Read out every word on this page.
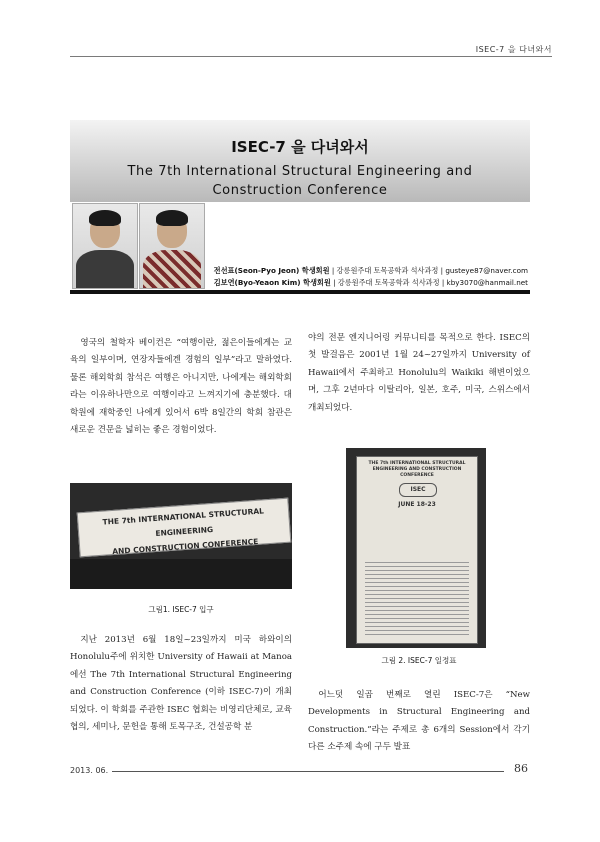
ISEC-7 을 다녀와서
ISEC-7 을 다녀와서
The 7th International Structural Engineering and
Construction Conference
전선표(Seon-Pyo Jeon) 학생회원 | 강릉원주대 토목공학과 석사과정 | gusteye87@naver.com
김보연(Byo-Yeaon Kim) 학생회원 | 강릉원주대 토목공학과 석사과정 | kby3070@hanmail.net
영국의 철학자 베이컨은 “여행이란, 젊은이들에게는 교육의 일부이며, 연장자들에겐 경험의 일부”라고 말하였다. 물론 해외학회 참석은 여행은 아니지만, 나에게는 해외학회라는 이유하나만으로 여행이라고 느껴지기에 충분했다. 대학원에 재학중인 나에게 있어서 6박 8일간의 학회 참관은 새로운 견문을 넓히는 좋은 경험이었다.
야의 전문 엔지니어링 커뮤니티를 목적으로 한다. ISEC의 첫 발걸음은 2001년 1월 24~27일까지 University of Hawaii에서 주최하고 Honolulu의 Waikiki 해변이었으며, 그후 2년마다 이탈리아, 일본, 호주, 미국, 스위스에서 개최되었다.
THE 7th INTERNATIONAL STRUCTURAL ENGINEERING
AND CONSTRUCTION CONFERENCE
그림1. ISEC-7 입구
THE 7th INTERNATIONAL STRUCTURAL ENGINEERING AND CONSTRUCTION CONFERENCE
ISEC
JUNE 18-23
그림 2. ISEC-7 일정표
지난 2013년 6월 18일~23일까지 미국 하와이의 Honolulu주에 위치한 University of Hawaii at Manoa에선 The 7th International Structural Engineering and Construction Conference (이하 ISEC-7)이 개최되었다. 이 학회를 주관한 ISEC 협회는 비영리단체로, 교육협의, 세미나, 문헌을 통해 토목구조, 건설공학 분
어느덧 일곱 번째로 열린 ISEC-7은 “New Developments in Structural Engineering and Construction.”라는 주제로 총 6개의 Session에서 각기 다른 소주제 속에 구두 발표
2013. 06.	86
